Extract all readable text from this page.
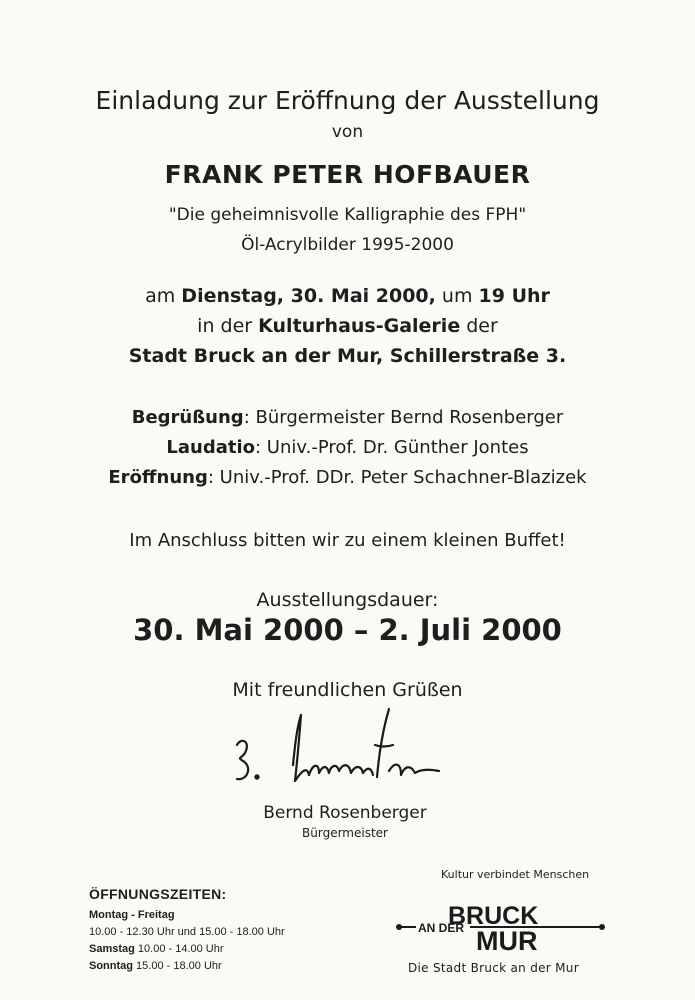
Einladung zur Eröffnung der Ausstellung
von
FRANK PETER HOFBAUER
"Die geheimnisvolle Kalligraphie des FPH"
Öl-Acrylbilder 1995-2000
am Dienstag, 30. Mai 2000, um 19 Uhr
in der Kulturhaus-Galerie der
Stadt Bruck an der Mur, Schillerstraße 3.
Begrüßung: Bürgermeister Bernd Rosenberger
Laudatio: Univ.-Prof. Dr. Günther Jontes
Eröffnung: Univ.-Prof. DDr. Peter Schachner-Blazizek
Im Anschluss bitten wir zu einem kleinen Buffet!
Ausstellungsdauer:
30. Mai 2000 – 2. Juli 2000
Mit freundlichen Grüßen
Bernd Rosenberger
Bürgermeister
ÖFFNUNGSZEITEN:
Montag - Freitag
10.00 - 12.30 Uhr und 15.00 - 18.00 Uhr
Samstag 10.00 - 14.00 Uhr
Sonntag 15.00 - 18.00 Uhr
Kultur verbindet Menschen
BRUCK
AN DER MUR
Die Stadt Bruck an der Mur
